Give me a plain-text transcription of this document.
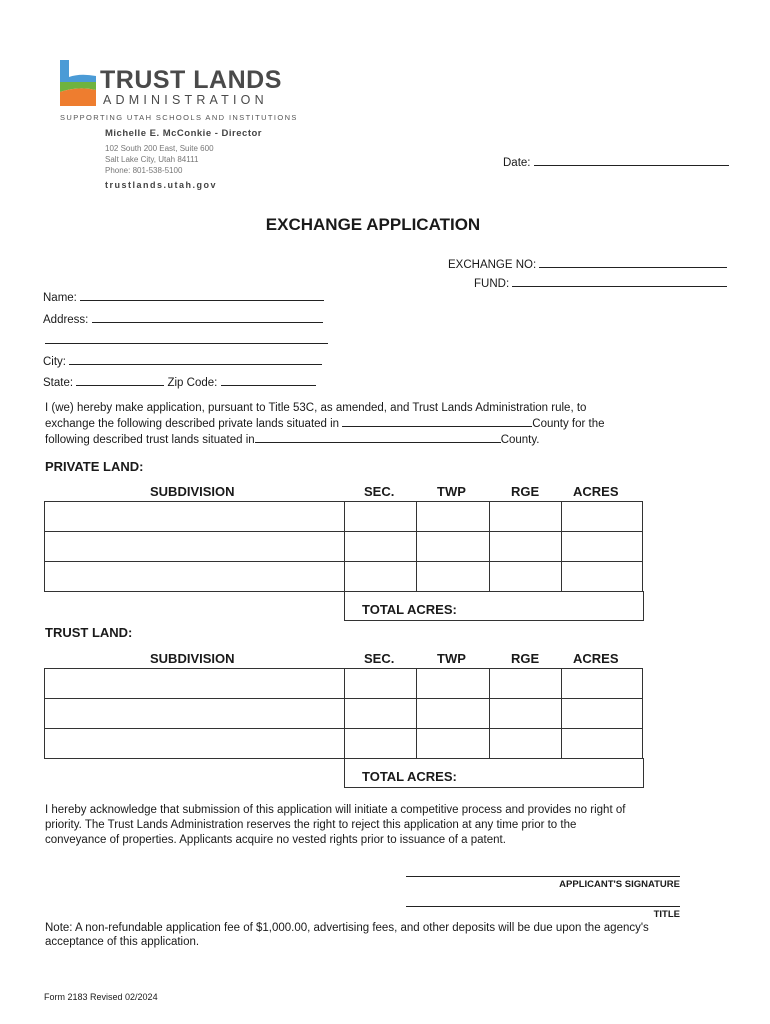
TRUST LANDS
ADMINISTRATION
SUPPORTING UTAH SCHOOLS AND INSTITUTIONS
Michelle E. McConkie - Director
102 South 200 East, Suite 600
Salt Lake City, Utah 84111
Phone: 801-538-5100
trustlands.utah.gov
Date:
EXCHANGE APPLICATION
EXCHANGE NO:
FUND:
Name:
Address:
City:
State:	Zip Code:
I (we) hereby make application, pursuant to Title 53C, as amended, and Trust Lands Administration rule, to
exchange the following described private lands situated in	County for the
following described trust lands situated in	County.
PRIVATE LAND:
SUBDIVISION	SEC.	TWP	RGE	ACRES

TOTAL ACRES:
TRUST LAND:
SUBDIVISION	SEC.	TWP	RGE	ACRES

TOTAL ACRES:
I hereby acknowledge that submission of this application will initiate a competitive process and provides no right of
priority. The Trust Lands Administration reserves the right to reject this application at any time prior to the
conveyance of properties. Applicants acquire no vested rights prior to issuance of a patent.
APPLICANT'S SIGNATURE
TITLE
Note: A non-refundable application fee of $1,000.00, advertising fees, and other deposits will be due upon the agency's
acceptance of this application.
Form 2183 Revised 02/2024
